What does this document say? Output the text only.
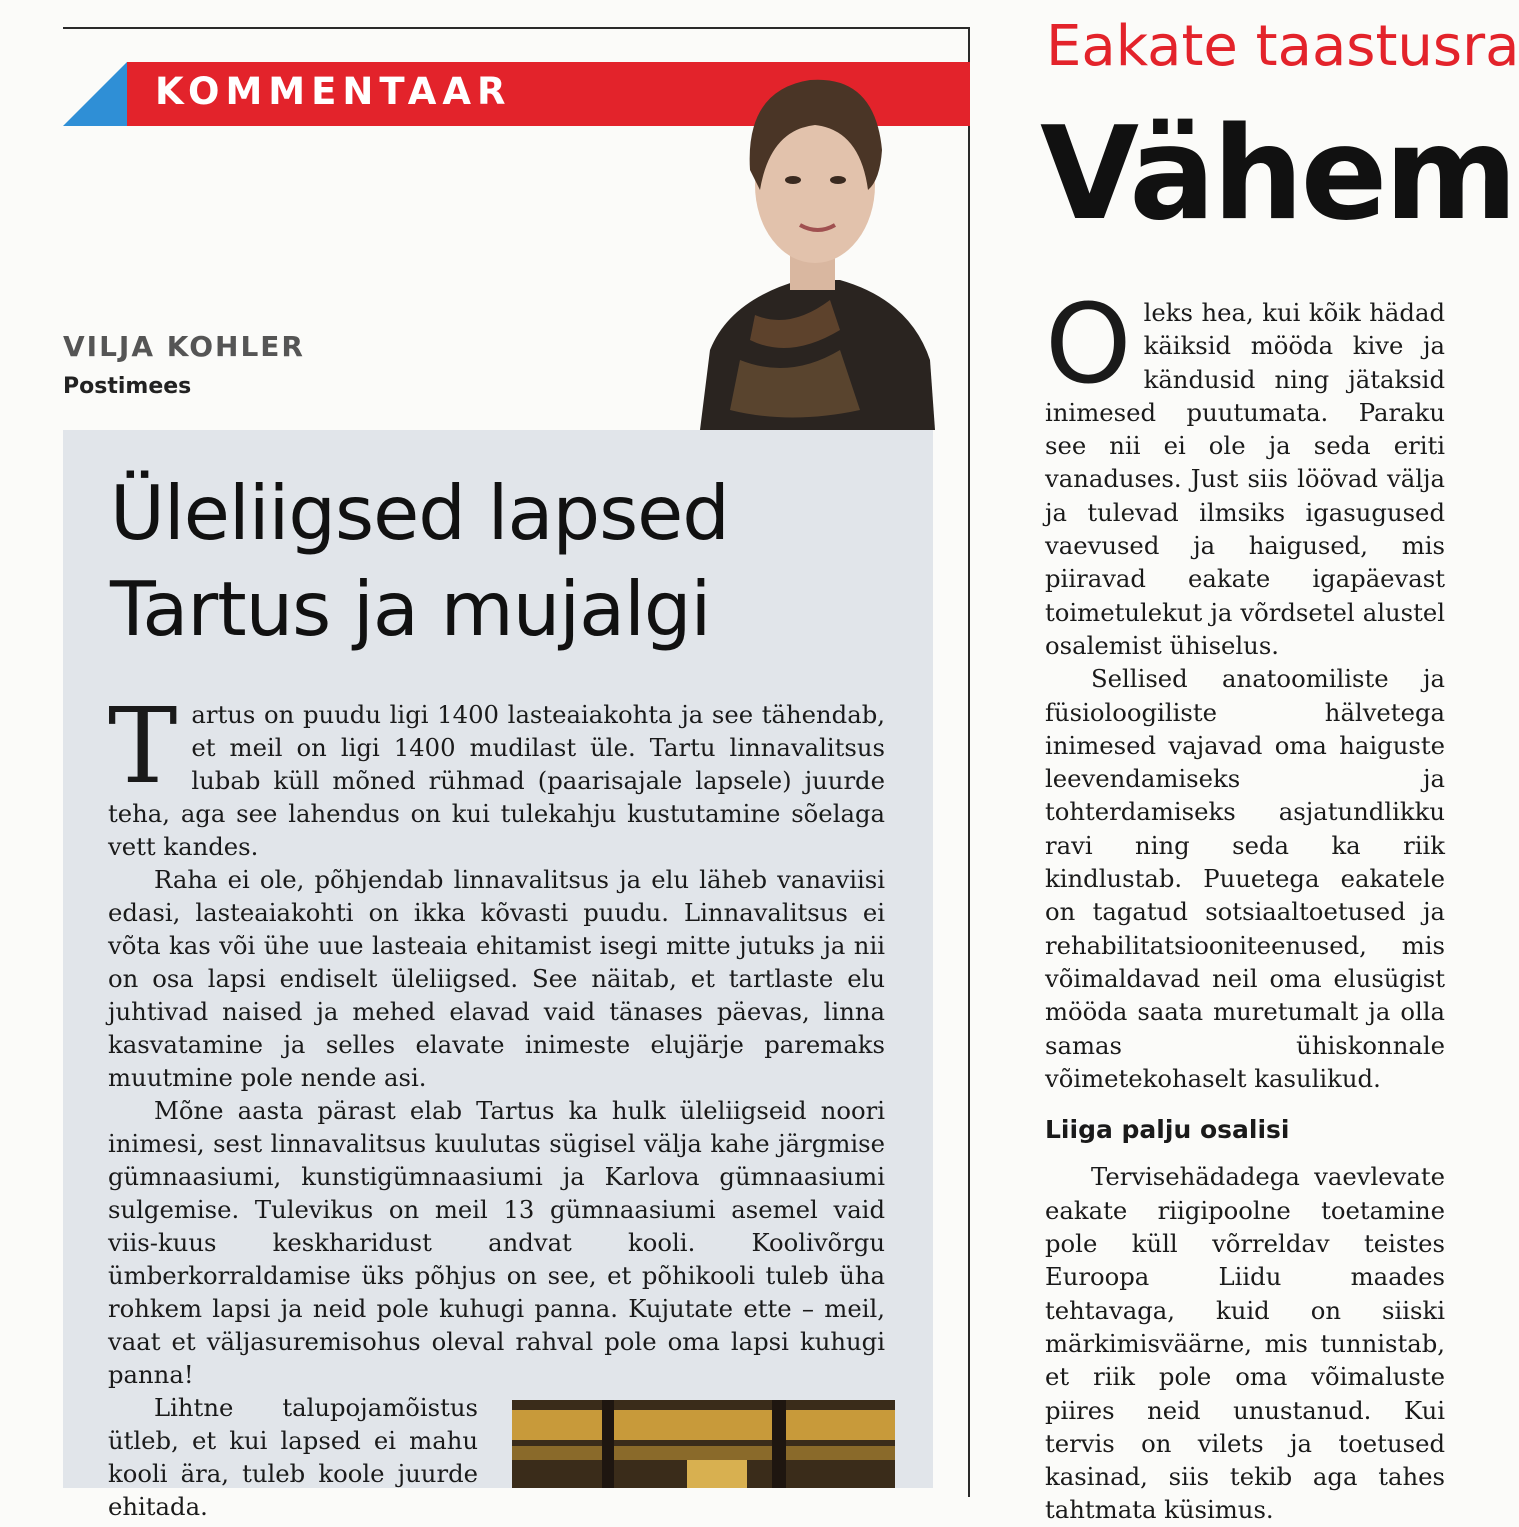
KOMMENTAAR
VILJA KOHLER
Postimees
Üleliigsed lapsed
Tartus ja mujalgi

Tartus on puudu ligi 1400 lasteaiakohta ja see tähendab, et meil on ligi 1400 mudilast üle. Tartu linnavalitsus lubab küll mõned rühmad (paarisajale lapsele) juurde teha, aga see lahendus on kui tulekahju kustutamine sõelaga vett kandes.

Raha ei ole, põhjendab linnavalitsus ja elu läheb vanaviisi edasi, lasteaiakohti on ikka kõvasti puudu. Linnavalitsus ei võta kas või ühe uue lasteaia ehitamist isegi mitte jutuks ja nii on osa lapsi endiselt üleliigsed. See näitab, et tartlaste elu juhtivad naised ja mehed elavad vaid tänases päevas, linna kasvatamine ja selles elavate inimeste elujärje paremaks muutmine pole nende asi.

Mõne aasta pärast elab Tartus ka hulk üleliigseid noori inimesi, sest linnavalitsus kuulutas sügisel välja kahe järgmise gümnaasiumi, kunstigümnaasiumi ja Karlova gümnaasiumi sulgemise. Tulevikus on meil 13 gümnaasiumi asemel vaid viis-kuus keskharidust andvat kooli. Koolivõrgu ümberkorraldamise üks põhjus on see, et põhikooli tuleb üha rohkem lapsi ja neid pole kuhugi panna. Kujutate ette – meil, vaat et väljasuremisohus oleval rahval pole oma lapsi kuhugi panna!

Lihtne talupojamõistus ütleb, et kui lapsed ei mahu kooli ära, tuleb koole juurde ehitada.

Eakate taastusra
Vähem

Oleks hea, kui kõik hädad käiksid mööda kive ja kändusid ning jätaksid inimesed puutumata. Paraku see nii ei ole ja seda eriti vanaduses. Just siis löövad välja ja tulevad ilmsiks igasugused vaevused ja haigused, mis piiravad eakate igapäevast toimetulekut ja võrdsetel alustel osalemist ühiselus.

Sellised anatoomiliste ja füsioloogiliste hälvetega inimesed vajavad oma haiguste leevendamiseks ja tohterdamiseks asjatundlikku ravi ning seda ka riik kindlustab. Puuetega eakatele on tagatud sotsiaaltoetused ja rehabilitatsiooniteenused, mis võimaldavad neil oma elusügist mööda saata muretumalt ja olla samas ühiskonnale võimetekohaselt kasulikud.

Liiga palju osalisi

Tervisehädadega vaevlevate eakate riigipoolne toetamine pole küll võrreldav teistes Euroopa Liidu maades tehtavaga, kuid on siiski märkimisväärne, mis tunnistab, et riik pole oma võimaluste piires neid unustanud. Kui tervis on vilets ja toetused kasinad, siis tekib aga tahes tahtmata küsimus.
